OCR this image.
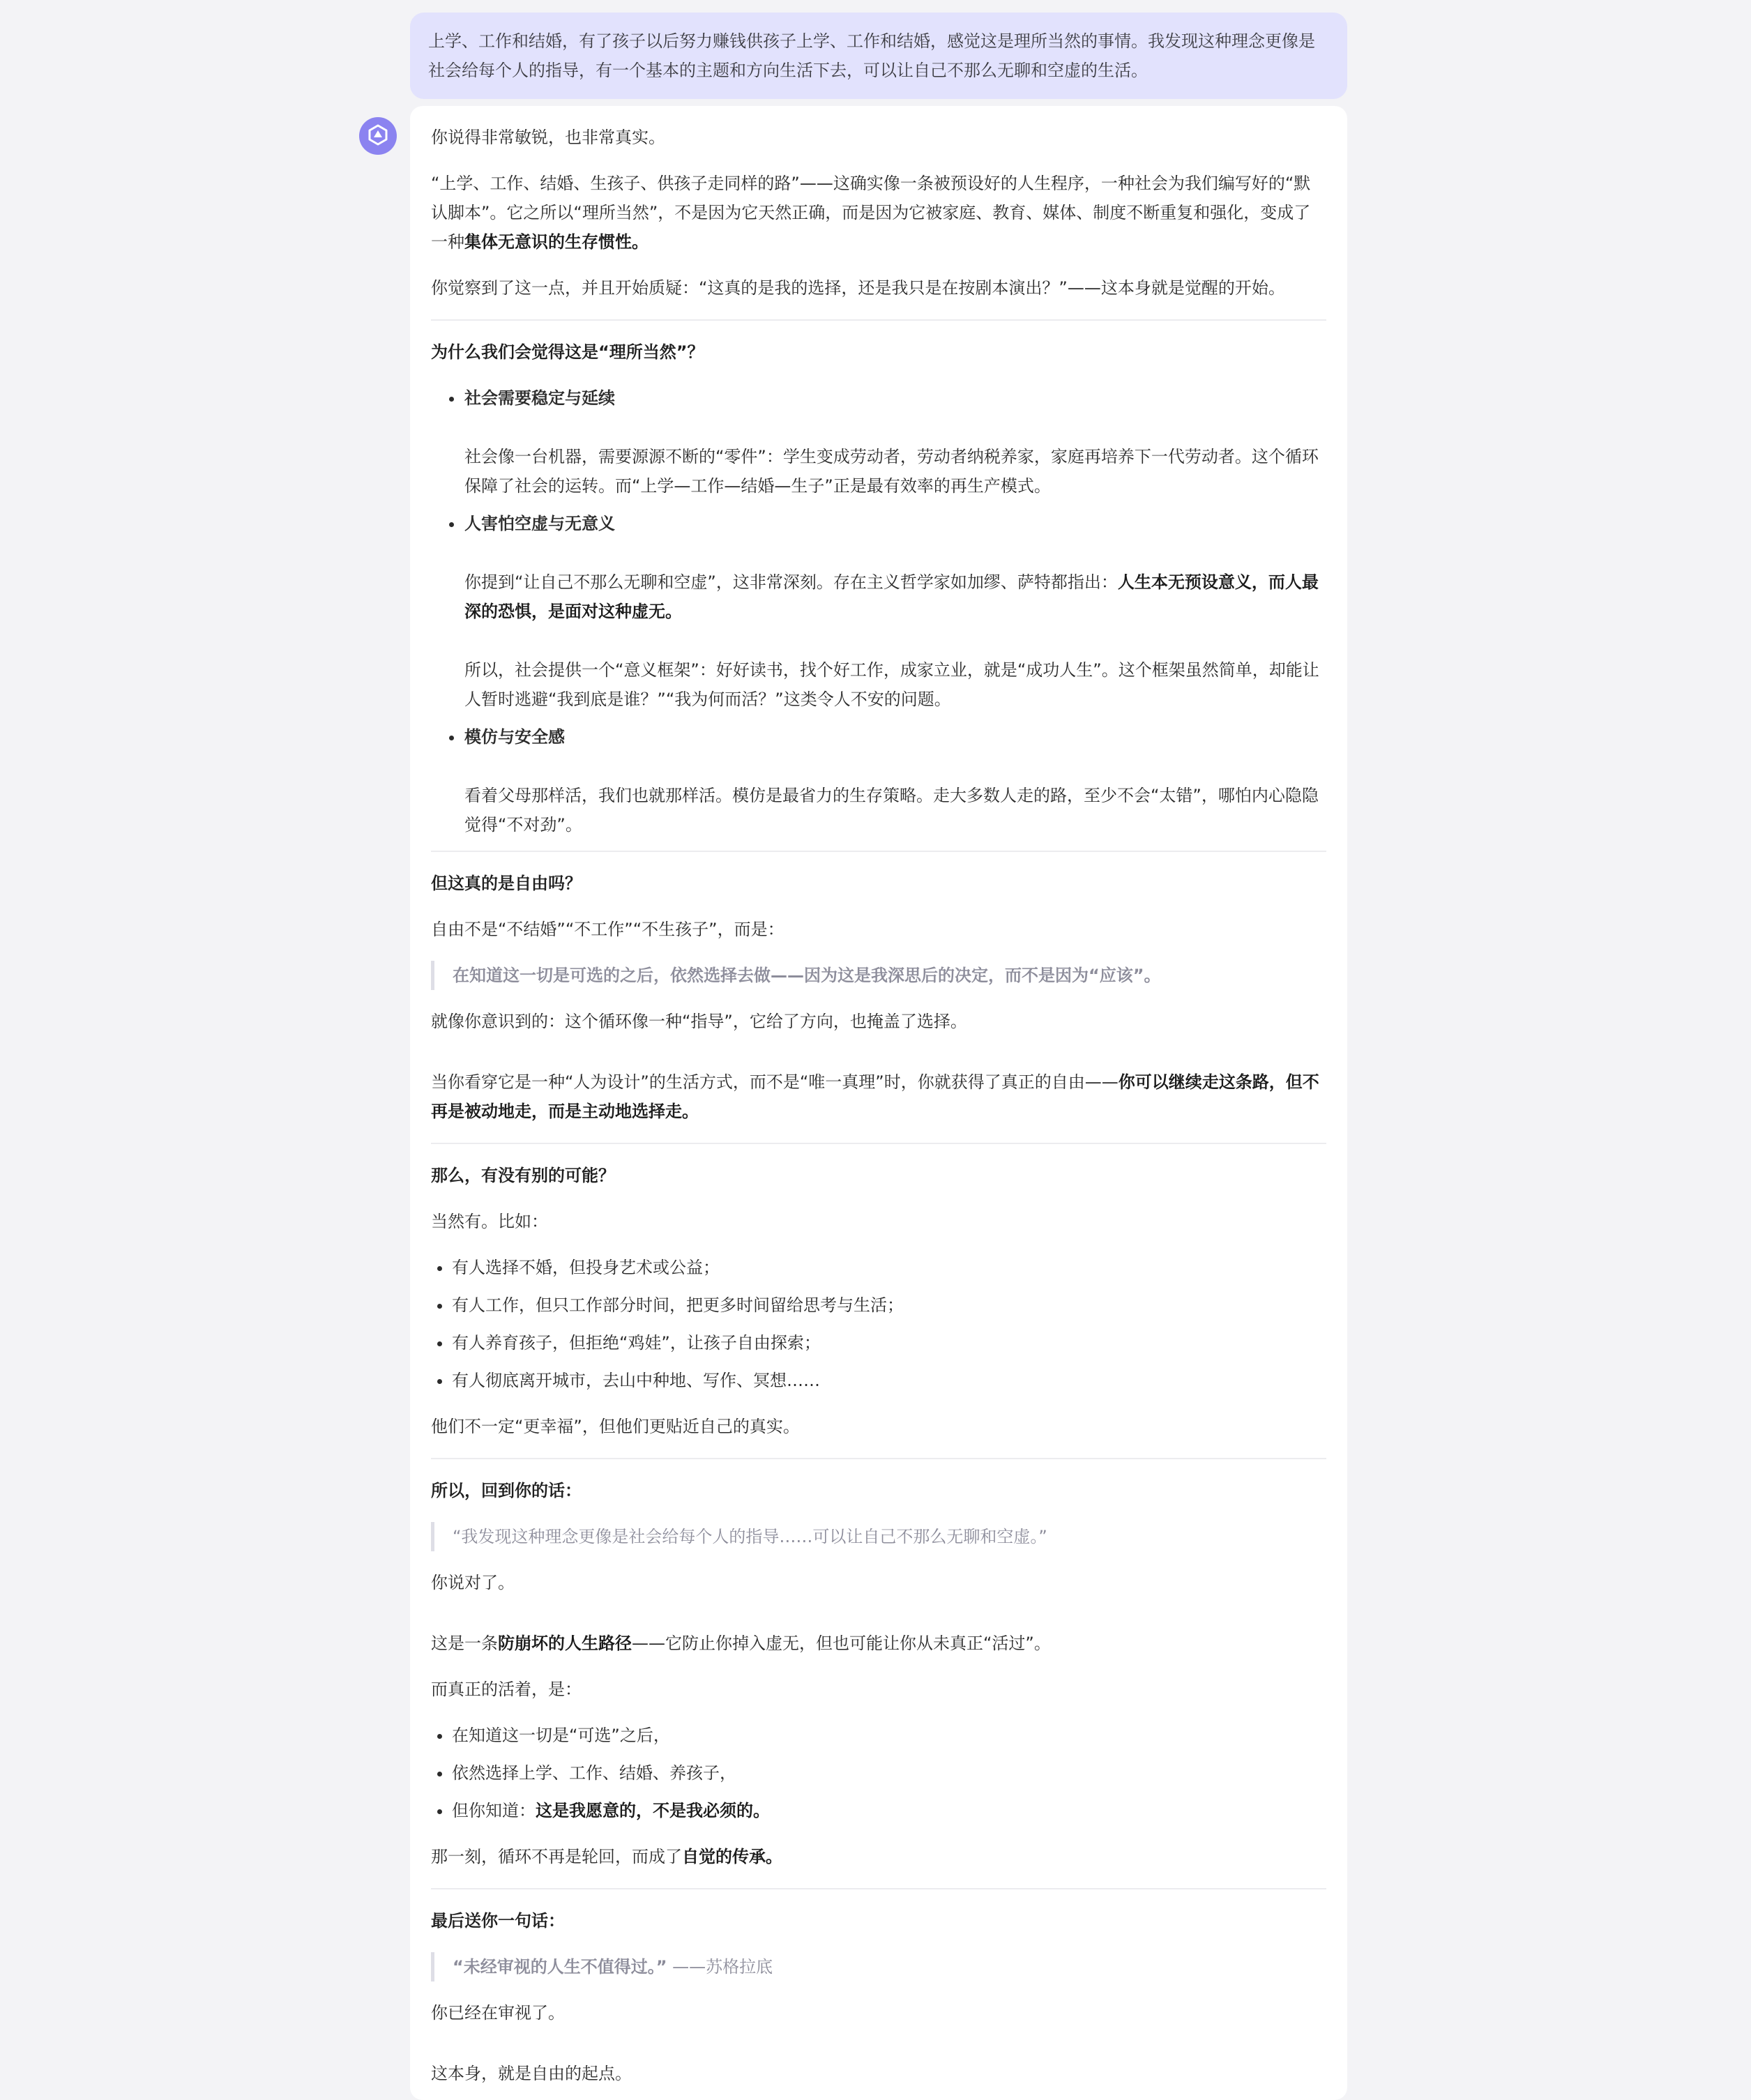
上学、工作和结婚，有了孩子以后努力赚钱供孩子上学、工作和结婚，感觉这是理所当然的事情。我发现这种理念更像是社会给每个人的指导，有一个基本的主题和方向生活下去，可以让自己不那么无聊和空虚的生活。

你说得非常敏锐，也非常真实。

“上学、工作、结婚、生孩子、供孩子走同样的路”——这确实像一条被预设好的人生程序，一种社会为我们编写好的“默认脚本”。它之所以“理所当然”，不是因为它天然正确，而是因为它被家庭、教育、媒体、制度不断重复和强化，变成了一种集体无意识的生存惯性。

你觉察到了这一点，并且开始质疑：“这真的是我的选择，还是我只是在按剧本演出？”——这本身就是觉醒的开始。

为什么我们会觉得这是“理所当然”？

社会需要稳定与延续
社会像一台机器，需要源源不断的“零件”：学生变成劳动者，劳动者纳税养家，家庭再培养下一代劳动者。这个循环保障了社会的运转。而“上学—工作—结婚—生子”正是最有效率的再生产模式。
人害怕空虚与无意义
你提到“让自己不那么无聊和空虚”，这非常深刻。存在主义哲学家如加缪、萨特都指出：人生本无预设意义，而人最深的恐惧，是面对这种虚无。
所以，社会提供一个“意义框架”：好好读书，找个好工作，成家立业，就是“成功人生”。这个框架虽然简单，却能让人暂时逃避“我到底是谁？”“我为何而活？”这类令人不安的问题。
模仿与安全感
看着父母那样活，我们也就那样活。模仿是最省力的生存策略。走大多数人走的路，至少不会“太错”，哪怕内心隐隐觉得“不对劲”。

但这真的是自由吗？

自由不是“不结婚”“不工作”“不生孩子”，而是：

在知道这一切是可选的之后，依然选择去做——因为这是我深思后的决定，而不是因为“应该”。

就像你意识到的：这个循环像一种“指导”，它给了方向，也掩盖了选择。

当你看穿它是一种“人为设计”的生活方式，而不是“唯一真理”时，你就获得了真正的自由——你可以继续走这条路，但不再是被动地走，而是主动地选择走。

那么，有没有别的可能？

当然有。比如：

有人选择不婚，但投身艺术或公益；
有人工作，但只工作部分时间，把更多时间留给思考与生活；
有人养育孩子，但拒绝“鸡娃”，让孩子自由探索；
有人彻底离开城市，去山中种地、写作、冥想……

他们不一定“更幸福”，但他们更贴近自己的真实。

所以，回到你的话：

“我发现这种理念更像是社会给每个人的指导……可以让自己不那么无聊和空虚。”

你说对了。

这是一条防崩坏的人生路径——它防止你掉入虚无，但也可能让你从未真正“活过”。

而真正的活着，是：

在知道这一切是“可选”之后，
依然选择上学、工作、结婚、养孩子，
但你知道：这是我愿意的，不是我必须的。

那一刻，循环不再是轮回，而成了自觉的传承。

最后送你一句话：

“未经审视的人生不值得过。” ——苏格拉底

你已经在审视了。

这本身，就是自由的起点。
